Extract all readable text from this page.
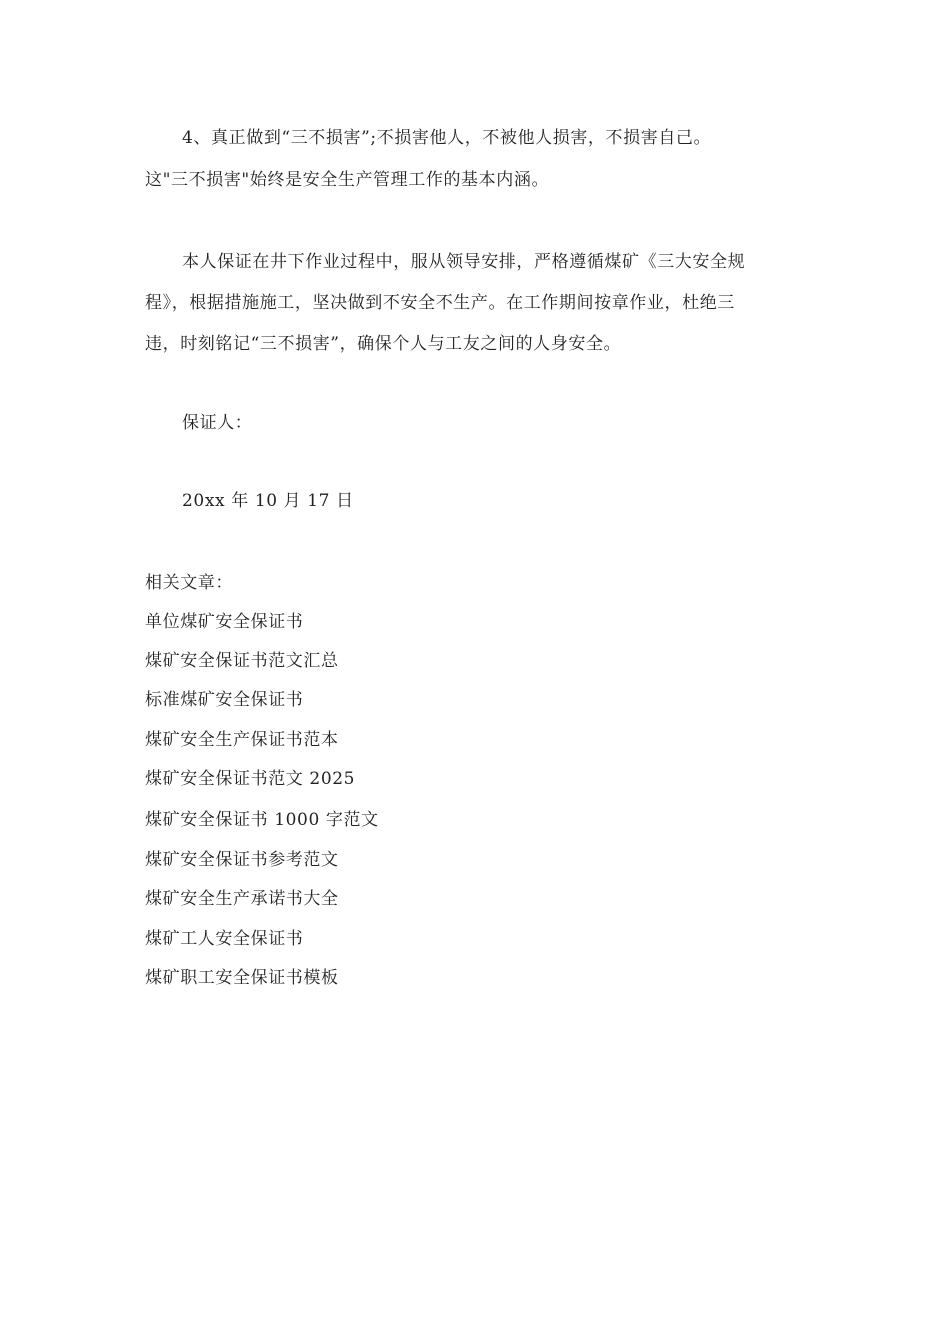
4、真正做到“三不损害”;不损害他人，不被他人损害，不损害自己。
这"三不损害"始终是安全生产管理工作的基本内涵。
本人保证在井下作业过程中，服从领导安排，严格遵循煤矿《三大安全规
程》，根据措施施工，坚决做到不安全不生产。在工作期间按章作业，杜绝三
违，时刻铭记“三不损害”，确保个人与工友之间的人身安全。
保证人：
20xx 年 10 月 17 日
相关文章：
单位煤矿安全保证书
煤矿安全保证书范文汇总
标准煤矿安全保证书
煤矿安全生产保证书范本
煤矿安全保证书范文 2025
煤矿安全保证书 1000 字范文
煤矿安全保证书参考范文
煤矿安全生产承诺书大全
煤矿工人安全保证书
煤矿职工安全保证书模板
